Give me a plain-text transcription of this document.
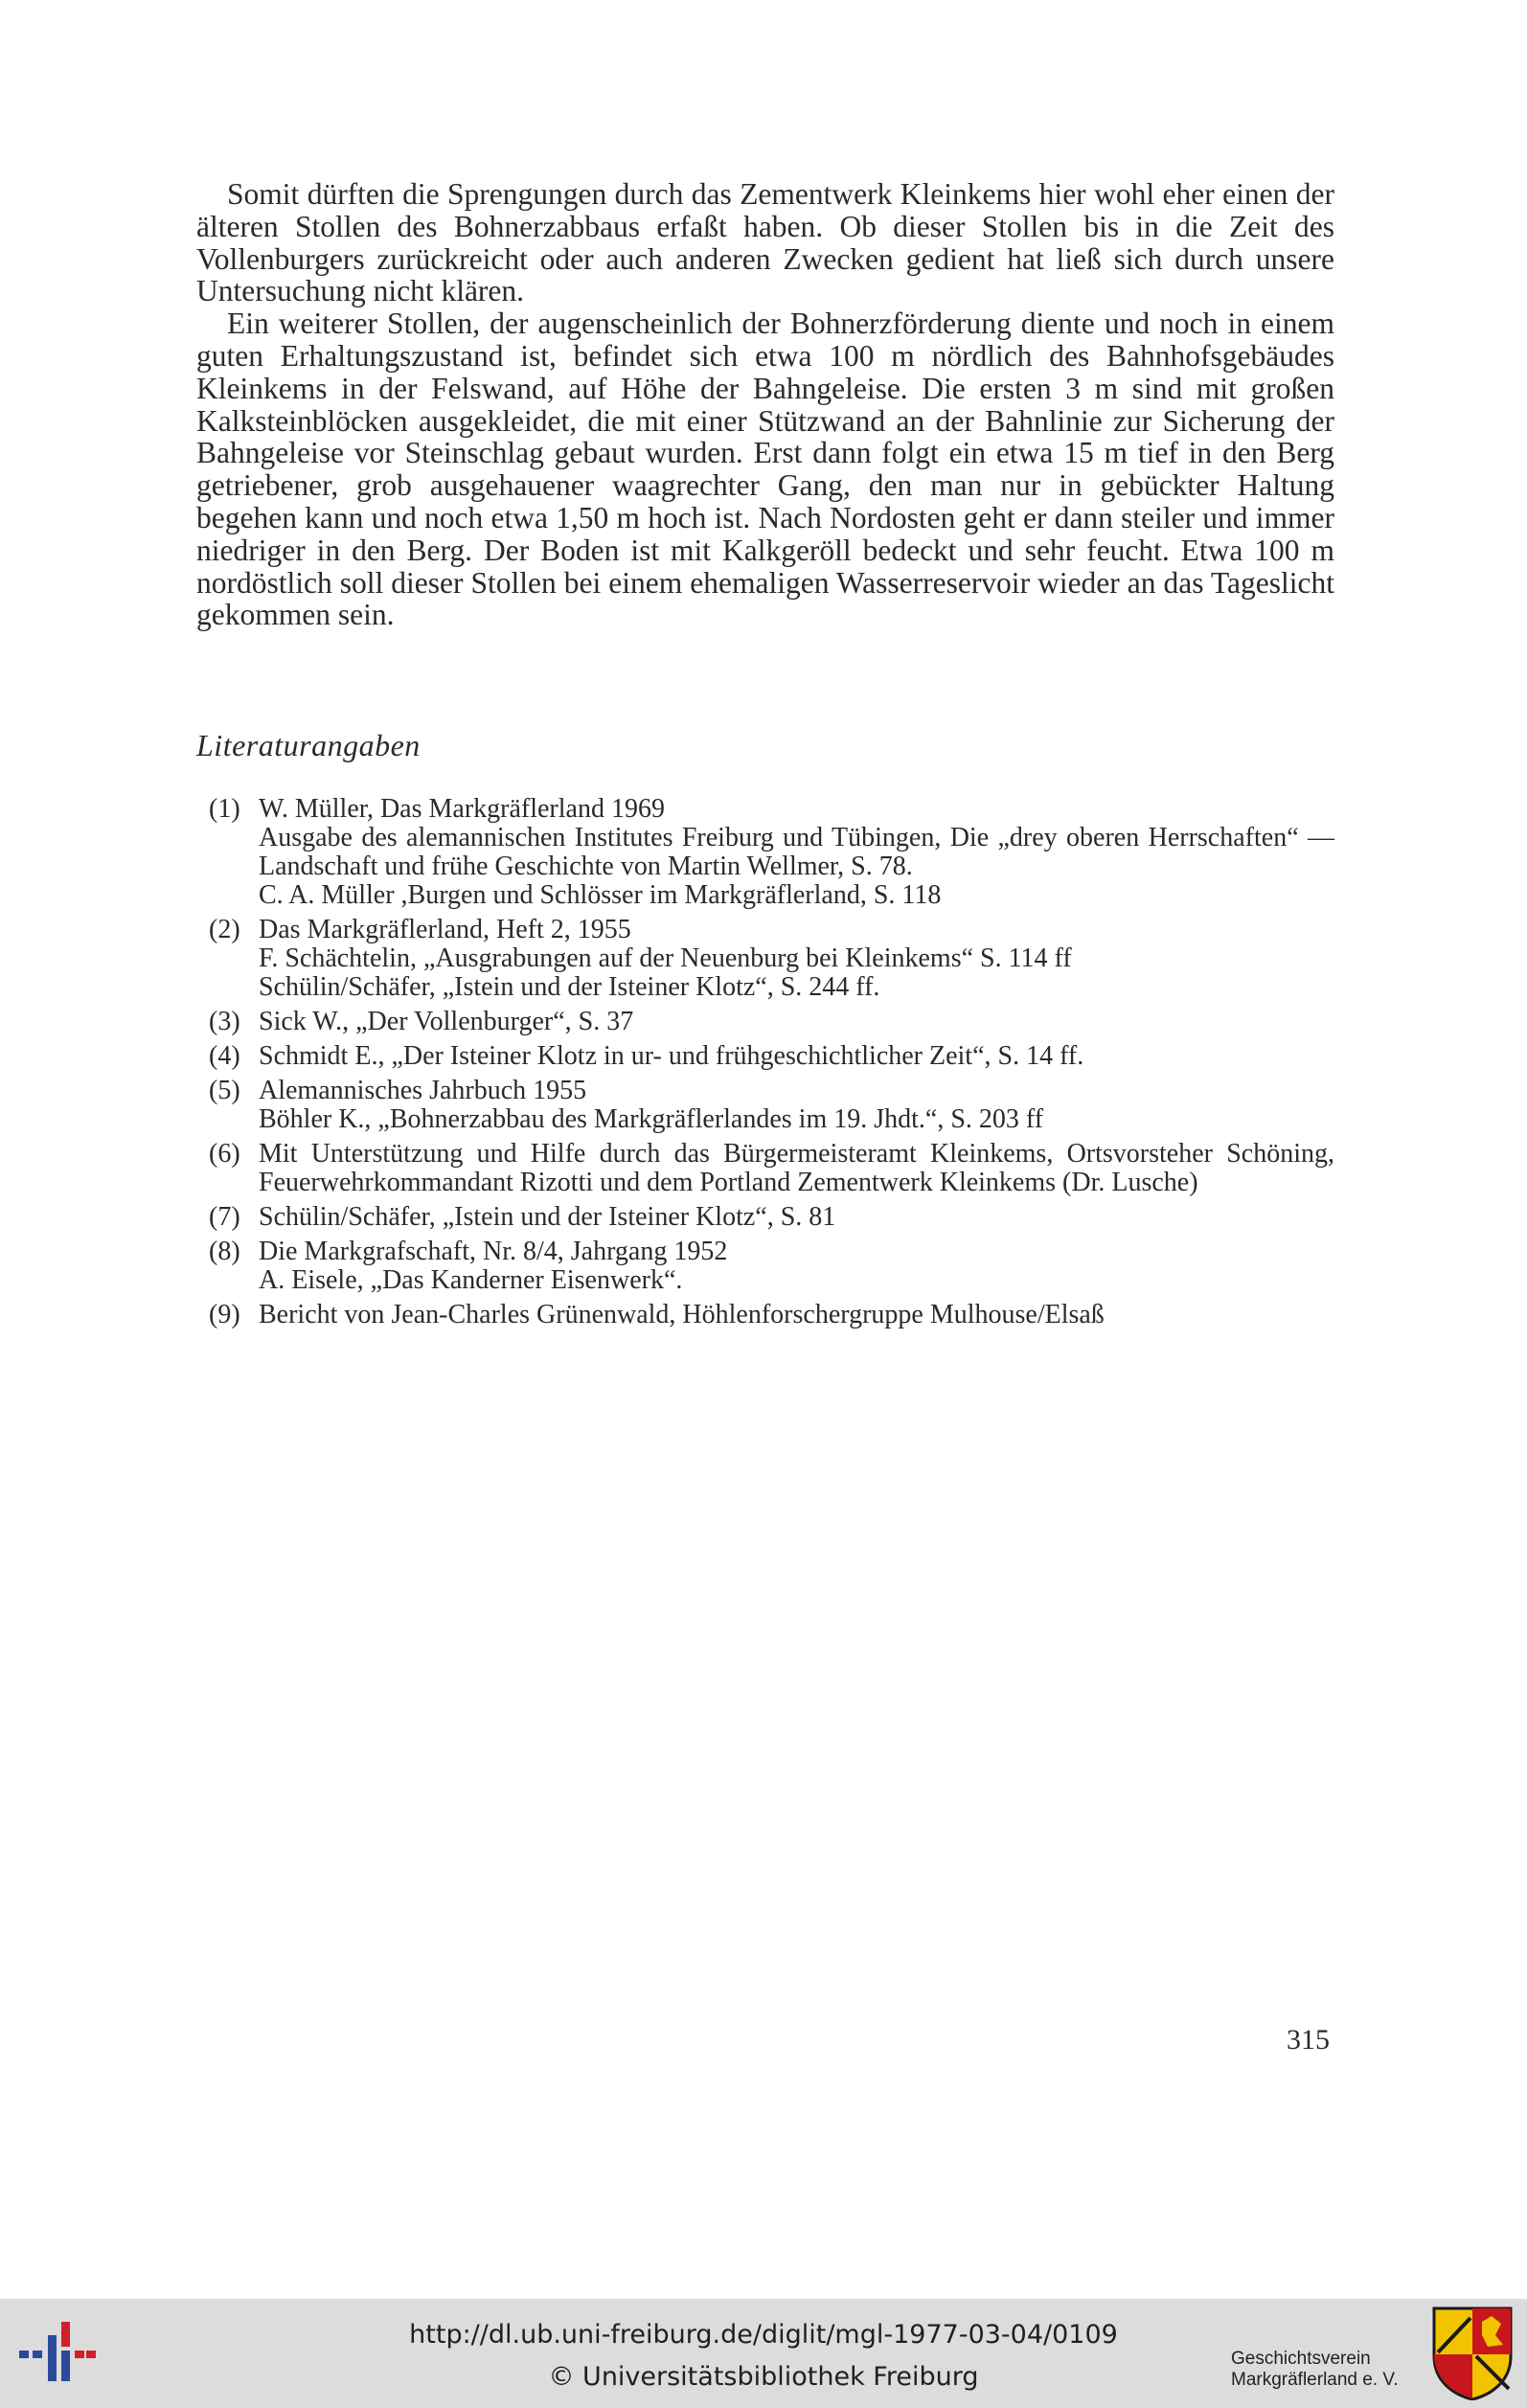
Somit dürften die Sprengungen durch das Zementwerk Kleinkems hier wohl eher einen der älteren Stollen des Bohnerzabbaus erfaßt haben. Ob dieser Stollen bis in die Zeit des Vollenburgers zurückreicht oder auch anderen Zwecken gedient hat ließ sich durch unsere Untersuchung nicht klären.

Ein weiterer Stollen, der augenscheinlich der Bohnerzförderung diente und noch in einem guten Erhaltungszustand ist, befindet sich etwa 100 m nördlich des Bahnhofsgebäudes Kleinkems in der Felswand, auf Höhe der Bahngeleise. Die ersten 3 m sind mit großen Kalksteinblöcken ausgekleidet, die mit einer Stützwand an der Bahnlinie zur Sicherung der Bahngeleise vor Steinschlag gebaut wurden. Erst dann folgt ein etwa 15 m tief in den Berg getriebener, grob ausgehauener waagrechter Gang, den man nur in gebückter Haltung begehen kann und noch etwa 1,50 m hoch ist. Nach Nordosten geht er dann steiler und immer niedriger in den Berg. Der Boden ist mit Kalkgeröll bedeckt und sehr feucht. Etwa 100 m nordöstlich soll dieser Stollen bei einem ehemaligen Wasserreservoir wieder an das Tageslicht gekommen sein.

Literaturangaben
(1) W. Müller, Das Markgräflerland 1969
Ausgabe des alemannischen Institutes Freiburg und Tübingen, Die „drey oberen Herrschaften“ — Landschaft und frühe Geschichte von Martin Wellmer, S. 78.
C. A. Müller ,Burgen und Schlösser im Markgräflerland, S. 118
(2) Das Markgräflerland, Heft 2, 1955
F. Schächtelin, „Ausgrabungen auf der Neuenburg bei Kleinkems“ S. 114 ff
Schülin/Schäfer, „Istein und der Isteiner Klotz“, S. 244 ff.
(3) Sick W., „Der Vollenburger“, S. 37
(4) Schmidt E., „Der Isteiner Klotz in ur- und frühgeschichtlicher Zeit“, S. 14 ff.
(5) Alemannisches Jahrbuch 1955
Böhler K., „Bohnerzabbau des Markgräflerlandes im 19. Jhdt.“, S. 203 ff
(6) Mit Unterstützung und Hilfe durch das Bürgermeisteramt Kleinkems, Ortsvorsteher Schöning, Feuerwehrkommandant Rizotti und dem Portland Zementwerk Kleinkems (Dr. Lusche)
(7) Schülin/Schäfer, „Istein und der Isteiner Klotz“, S. 81
(8) Die Markgrafschaft, Nr. 8/4, Jahrgang 1952
A. Eisele, „Das Kanderner Eisenwerk“.
(9) Bericht von Jean-Charles Grünenwald, Höhlenforschergruppe Mulhouse/Elsaß
315
http://dl.ub.uni-freiburg.de/diglit/mgl-1977-03-04/0109
© Universitätsbibliothek Freiburg
Geschichtsverein
Markgräflerland e. V.
